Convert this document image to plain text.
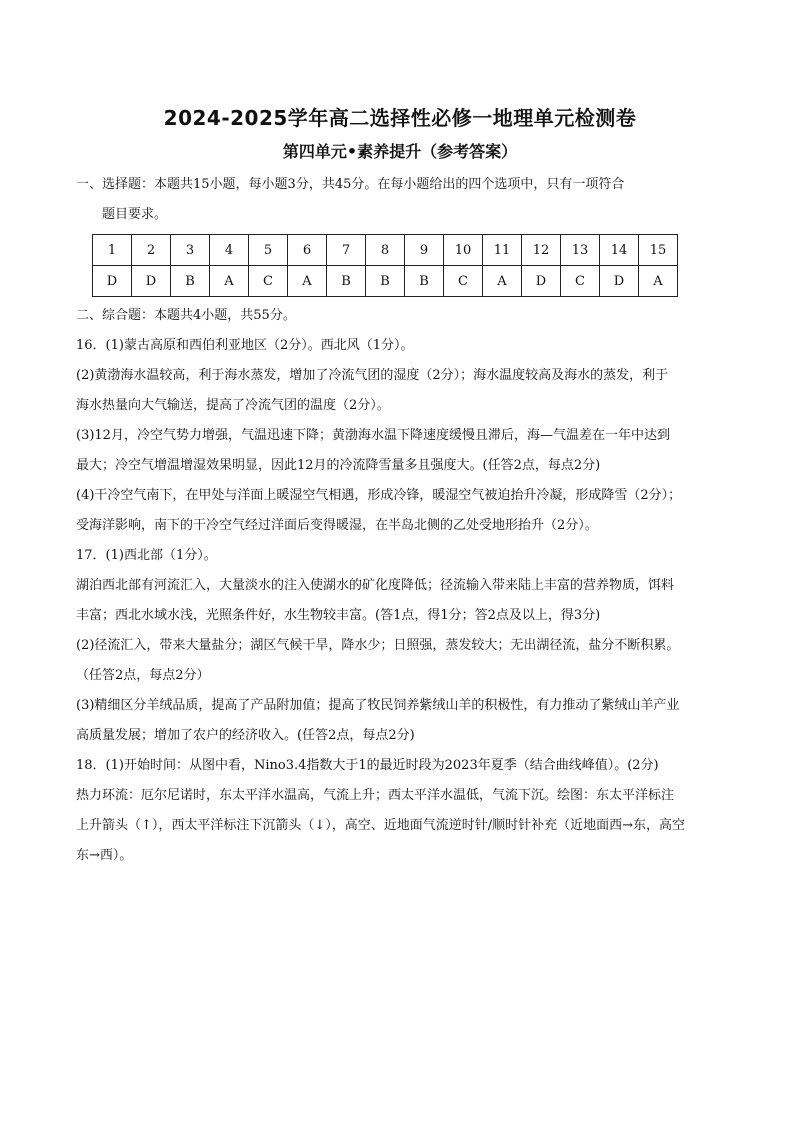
2024-2025学年高二选择性必修一地理单元检测卷
第四单元•素养提升（参考答案）

一、选择题：本题共15小题，每小题3分，共45分。在每小题给出的四个选项中，只有一项符合

题目要求。

1	2	3	4	5	6	7	8	9	10	11	12	13	14	15
D	D	B	A	C	A	B	B	B	C	A	D	C	D	A

二、综合题：本题共4小题，共55分。

16．(1)蒙古高原和西伯利亚地区（2分）。西北风（1分）。

(2)黄渤海水温较高，利于海水蒸发，增加了冷流气团的湿度（2分）；海水温度较高及海水的蒸发，利于

海水热量向大气输送，提高了冷流气团的温度（2分）。

(3)12月，冷空气势力增强，气温迅速下降；黄渤海水温下降速度缓慢且滞后，海—气温差在一年中达到

最大；冷空气增温增湿效果明显，因此12月的冷流降雪量多且强度大。(任答2点，每点2分)

(4)干冷空气南下，在甲处与洋面上暖湿空气相遇，形成冷锋，暖湿空气被迫抬升冷凝，形成降雪（2分）；

受海洋影响，南下的干冷空气经过洋面后变得暖湿，在半岛北侧的乙处受地形抬升（2分）。

17．(1)西北部（1分）。

湖泊西北部有河流汇入，大量淡水的注入使湖水的矿化度降低；径流输入带来陆上丰富的营养物质，饵料

丰富；西北水域水浅，光照条件好，水生物较丰富。(答1点，得1分；答2点及以上，得3分)

(2)径流汇入，带来大量盐分；湖区气候干旱，降水少；日照强，蒸发较大；无出湖径流，盐分不断积累。

（任答2点，每点2分）

(3)精细区分羊绒品质，提高了产品附加值；提高了牧民饲养紫绒山羊的积极性，有力推动了紫绒山羊产业

高质量发展；增加了农户的经济收入。(任答2点，每点2分)

18．(1)开始时间：从图中看，Nino3.4指数大于1的最近时段为2023年夏季（结合曲线峰值）。(2分)

热力环流：厄尔尼诺时，东太平洋水温高，气流上升；西太平洋水温低，气流下沉。绘图：东太平洋标注

上升箭头（↑），西太平洋标注下沉箭头（↓），高空、近地面气流逆时针/顺时针补充（近地面西→东，高空

东→西）。
